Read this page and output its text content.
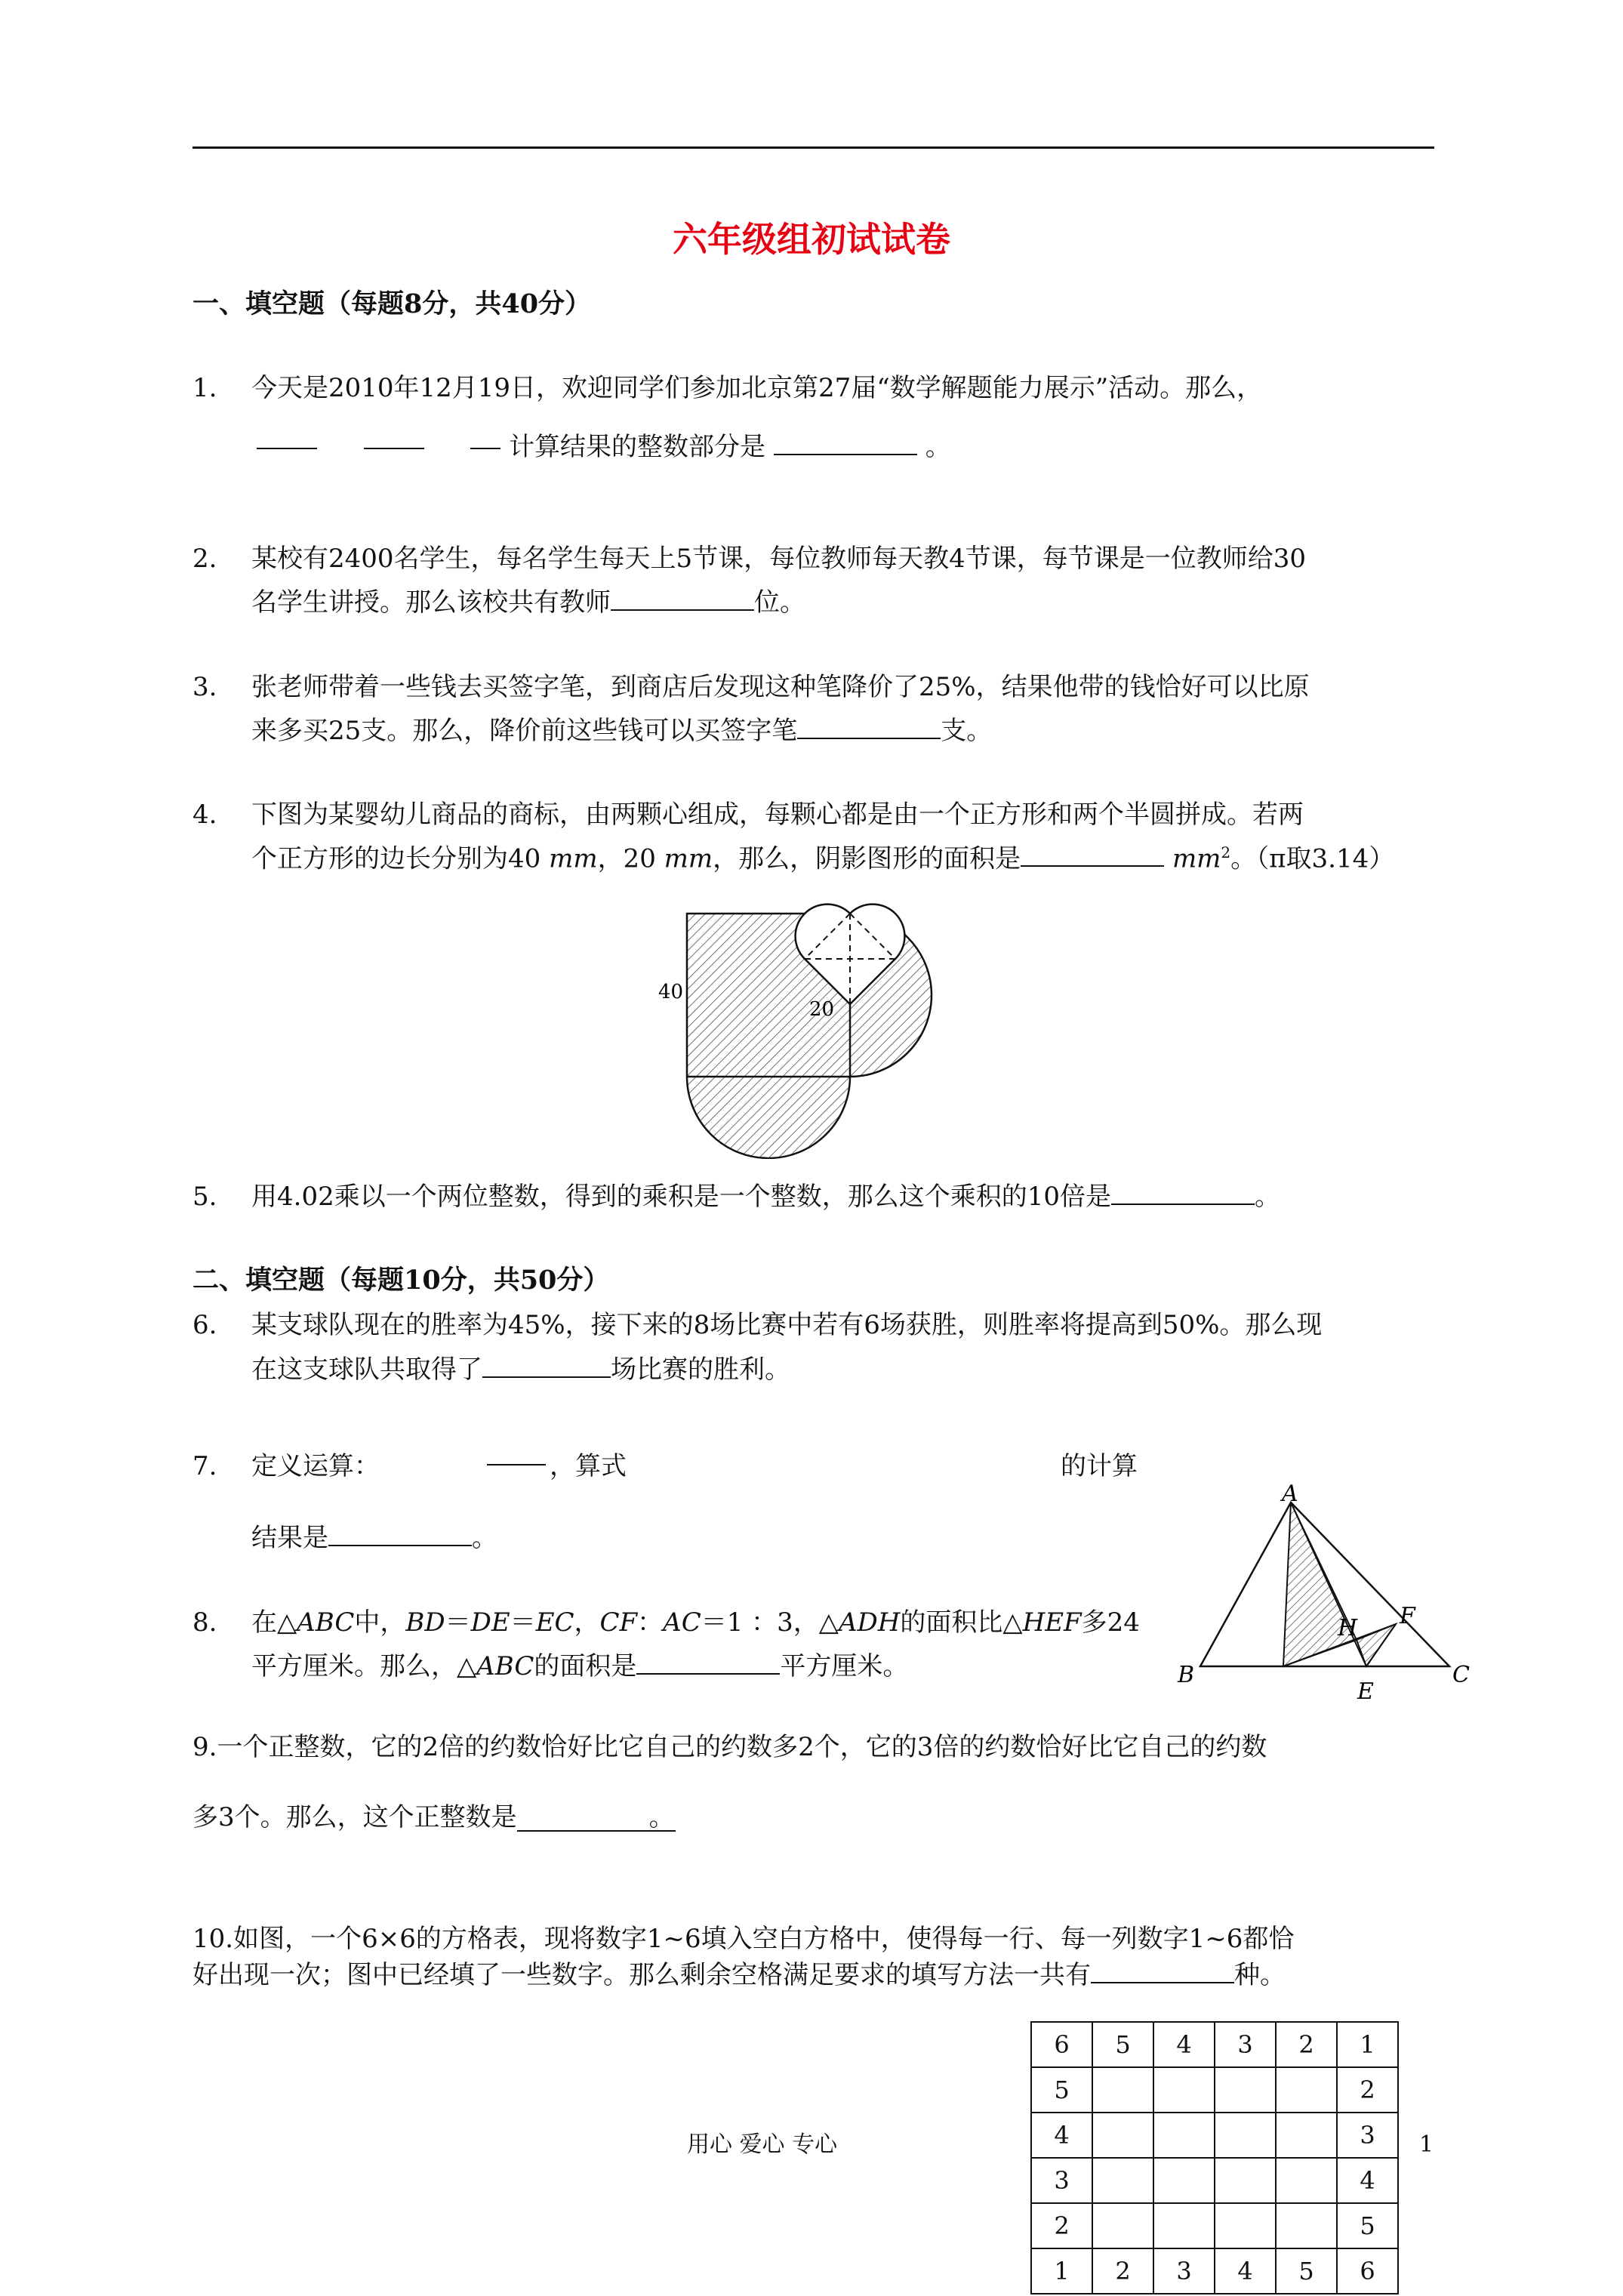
六年级组初试试卷
一、填空题（每题8分，共40分）
1. 今天是2010年12月19日，欢迎同学们参加北京第27届“数学解题能力展示”活动。那么，
计算结果的整数部分是	。
2. 某校有2400名学生，每名学生每天上5节课，每位教师每天教4节课，每节课是一位教师给30
名学生讲授。那么该校共有教师	位。
3. 张老师带着一些钱去买签字笔，到商店后发现这种笔降价了25%，结果他带的钱恰好可以比原
来多买25支。那么，降价前这些钱可以买签字笔	支。
4. 下图为某婴幼儿商品的商标，由两颗心组成，每颗心都是由一个正方形和两个半圆拼成。若两
个正方形的边长分别为40 mm，20 mm，那么，阴影图形的面积是	$mm^2$。（π取3.14）
40
20
5. 用4.02乘以一个两位整数，得到的乘积是一个整数，那么这个乘积的10倍是	。
二、填空题（每题10分，共50分）
6. 某支球队现在的胜率为45%，接下来的8场比赛中若有6场获胜，则胜率将提高到50%。那么现
在这支球队共取得了	场比赛的胜利。
7. 定义运算：	，算式	的计算
结果是	。
8. 在△ABC中，BD＝DE＝EC，CF：AC＝1 ：3，△ADH的面积比△HEF多24
平方厘米。那么，△ABC的面积是	平方厘米。
A
B	C
E
F
H
9.一个正整数，它的2倍的约数恰好比它自己的约数多2个，它的3倍的约数恰好比它自己的约数
多3个。那么，这个正整数是	。
10.如图，一个6×6的方格表，现将数字1~6填入空白方格中，使得每一行、每一列数字1~6都恰
好出现一次；图中已经填了一些数字。那么剩余空格满足要求的填写方法一共有	种。
6	5	4	3	2	1
5					2
4					3
3					4
2					5
1	2	3	4	5	6
用心 爱心 专心	1
